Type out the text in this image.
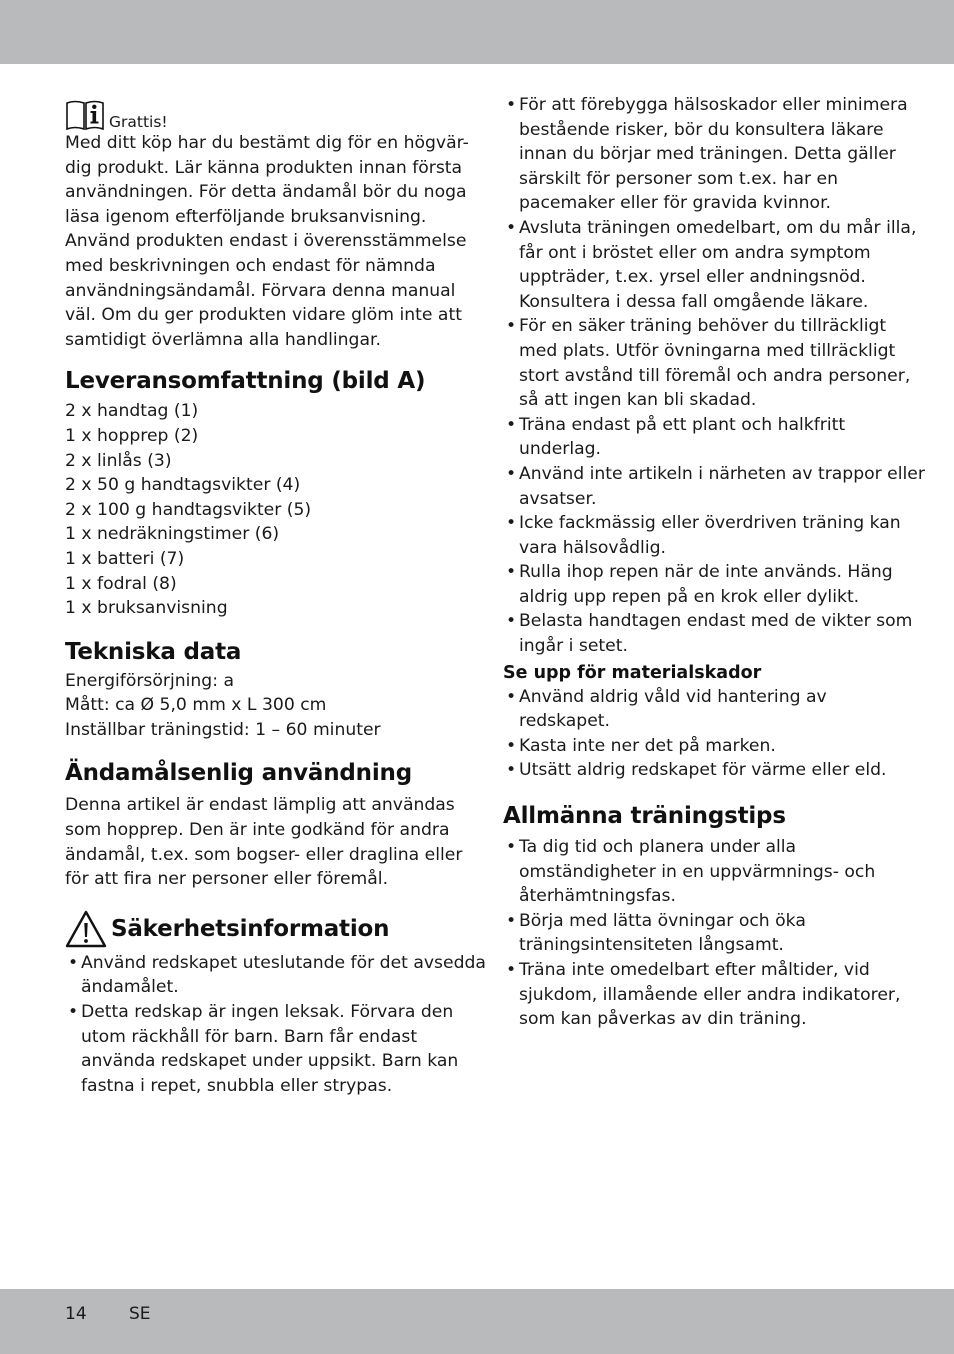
Grattis!
Med ditt köp har du bestämt dig för en högvär-
dig produkt. Lär känna produkten innan första
användningen. För detta ändamål bör du noga
läsa igenom efterföljande bruksanvisning.
Använd produkten endast i överensstämmelse
med beskrivningen och endast för nämnda
användningsändamål. Förvara denna manual
väl. Om du ger produkten vidare glöm inte att
samtidigt överlämna alla handlingar.
Leveransomfattning (bild A)
2 x handtag (1)
1 x hopprep (2)
2 x linlås (3)
2 x 50 g handtagsvikter (4)
2 x 100 g handtagsvikter (5)
1 x nedräkningstimer (6)
1 x batteri (7)
1 x fodral (8)
1 x bruksanvisning
Tekniska data
Energiförsörjning: a
Mått: ca Ø 5,0 mm x L 300 cm
Inställbar träningstid: 1 – 60 minuter
Ändamålsenlig användning
Denna artikel är endast lämplig att användas
som hopprep. Den är inte godkänd för andra
ändamål, t.ex. som bogser- eller draglina eller
för att fira ner personer eller föremål.
Säkerhetsinformation
• Använd redskapet uteslutande för det avsedda
ändamålet.
• Detta redskap är ingen leksak. Förvara den
utom räckhåll för barn. Barn får endast
använda redskapet under uppsikt. Barn kan
fastna i repet, snubbla eller strypas.
• För att förebygga hälsoskador eller minimera
bestående risker, bör du konsultera läkare
innan du börjar med träningen. Detta gäller
särskilt för personer som t.ex. har en
pacemaker eller för gravida kvinnor.
• Avsluta träningen omedelbart, om du mår illa,
får ont i bröstet eller om andra symptom
uppträder, t.ex. yrsel eller andningsnöd.
Konsultera i dessa fall omgående läkare.
• För en säker träning behöver du tillräckligt
med plats. Utför övningarna med tillräckligt
stort avstånd till föremål och andra personer,
så att ingen kan bli skadad.
• Träna endast på ett plant och halkfritt
underlag.
• Använd inte artikeln i närheten av trappor eller
avsatser.
• Icke fackmässig eller överdriven träning kan
vara hälsovådlig.
• Rulla ihop repen när de inte används. Häng
aldrig upp repen på en krok eller dylikt.
• Belasta handtagen endast med de vikter som
ingår i setet.
Se upp för materialskador
• Använd aldrig våld vid hantering av
redskapet.
• Kasta inte ner det på marken.
• Utsätt aldrig redskapet för värme eller eld.
Allmänna träningstips
• Ta dig tid och planera under alla
omständigheter in en uppvärmnings- och
återhämtningsfas.
• Börja med lätta övningar och öka
träningsintensiteten långsamt.
• Träna inte omedelbart efter måltider, vid
sjukdom, illamående eller andra indikatorer,
som kan påverkas av din träning.
14 SE
